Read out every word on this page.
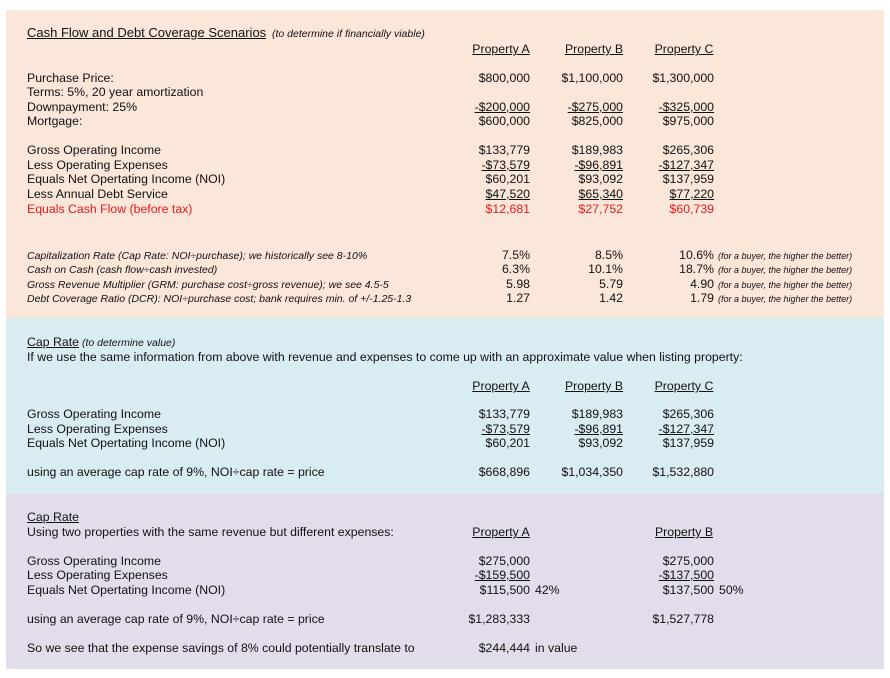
Cash Flow and Debt Coverage Scenarios (to determine if financially viable)
Property A	Property B	Property C
Purchase Price:	$800,000	$1,100,000	$1,300,000
Terms: 5%, 20 year amortization
Downpayment: 25%	-$200,000	-$275,000	-$325,000
Mortgage:	$600,000	$825,000	$975,000
Gross Operating Income	$133,779	$189,983	$265,306
Less Operating Expenses	-$73,579	-$96,891	-$127,347
Equals Net Opertating Income (NOI)	$60,201	$93,092	$137,959
Less Annual Debt Service	$47,520	$65,340	$77,220
Equals Cash Flow (before tax)	$12,681	$27,752	$60,739
Capitalization Rate (Cap Rate: NOI÷purchase); we historically see 8-10%	7.5%	8.5%	10.6% (for a buyer, the higher the better)
Cash on Cash (cash flow÷cash invested)	6.3%	10.1%	18.7% (for a buyer, the higher the better)
Gross Revenue Multiplier (GRM: purchase cost÷gross revenue); we see 4.5-5	5.98	5.79	4.90 (for a buyer, the higher the better)
Debt Coverage Ratio (DCR): NOI÷purchase cost; bank requires min. of +/-1.25-1.3	1.27	1.42	1.79 (for a buyer, the higher the better)
Cap Rate (to determine value)
If we use the same information from above with revenue and expenses to come up with an approximate value when listing property:
Property A	Property B	Property C
Gross Operating Income	$133,779	$189,983	$265,306
Less Operating Expenses	-$73,579	-$96,891	-$127,347
Equals Net Opertating Income (NOI)	$60,201	$93,092	$137,959
using an average cap rate of 9%, NOI÷cap rate = price	$668,896	$1,034,350	$1,532,880
Cap Rate
Using two properties with the same revenue but different expenses:	Property A	Property B
Gross Operating Income	$275,000	$275,000
Less Operating Expenses	-$159,500	-$137,500
Equals Net Opertating Income (NOI)	$115,500 42%	$137,500 50%
using an average cap rate of 9%, NOI÷cap rate = price	$1,283,333	$1,527,778
So we see that the expense savings of 8% could potentially translate to	$244,444 in value
